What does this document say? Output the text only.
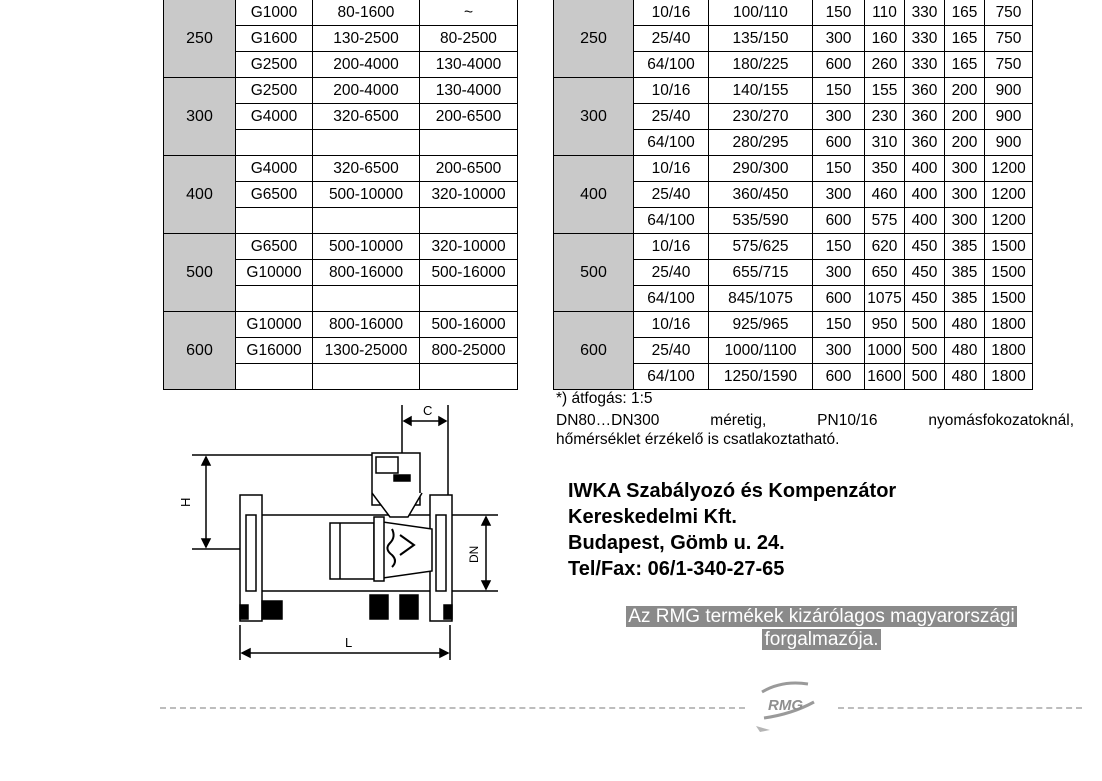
250	G1000	80-1600	~
	G1600	130-2500	80-2500
	G2500	200-4000	130-4000
300	G2500	200-4000	130-4000
	G4000	320-6500	200-6500

400	G4000	320-6500	200-6500
	G6500	500-10000	320-10000

500	G6500	500-10000	320-10000
	G10000	800-16000	500-16000

600	G10000	800-16000	500-16000
	G16000	1300-25000	800-25000

250	10/16	100/110	150	110	330	165	750
	25/40	135/150	300	160	330	165	750
	64/100	180/225	600	260	330	165	750
300	10/16	140/155	150	155	360	200	900
	25/40	230/270	300	230	360	200	900
	64/100	280/295	600	310	360	200	900
400	10/16	290/300	150	350	400	300	1200
	25/40	360/450	300	460	400	300	1200
	64/100	535/590	600	575	400	300	1200
500	10/16	575/625	150	620	450	385	1500
	25/40	655/715	300	650	450	385	1500
	64/100	845/1075	600	1075	450	385	1500
600	10/16	925/965	150	950	500	480	1800
	25/40	1000/1100	300	1000	500	480	1800
	64/100	1250/1590	600	1600	500	480	1800
*) átfogás: 1:5
DN80…DN300 méretig, PN10/16 nyomásfokozatoknál,
hőmérséklet érzékelő is csatlakoztatható.
IWKA Szabályozó és Kompenzátor
Kereskedelmi Kft.
Budapest, Gömb u. 24.
Tel/Fax: 06/1-340-27-65
Az RMG termékek kizárólagos magyarországi
forgalmazója.
RMG
C
H
DN
L
